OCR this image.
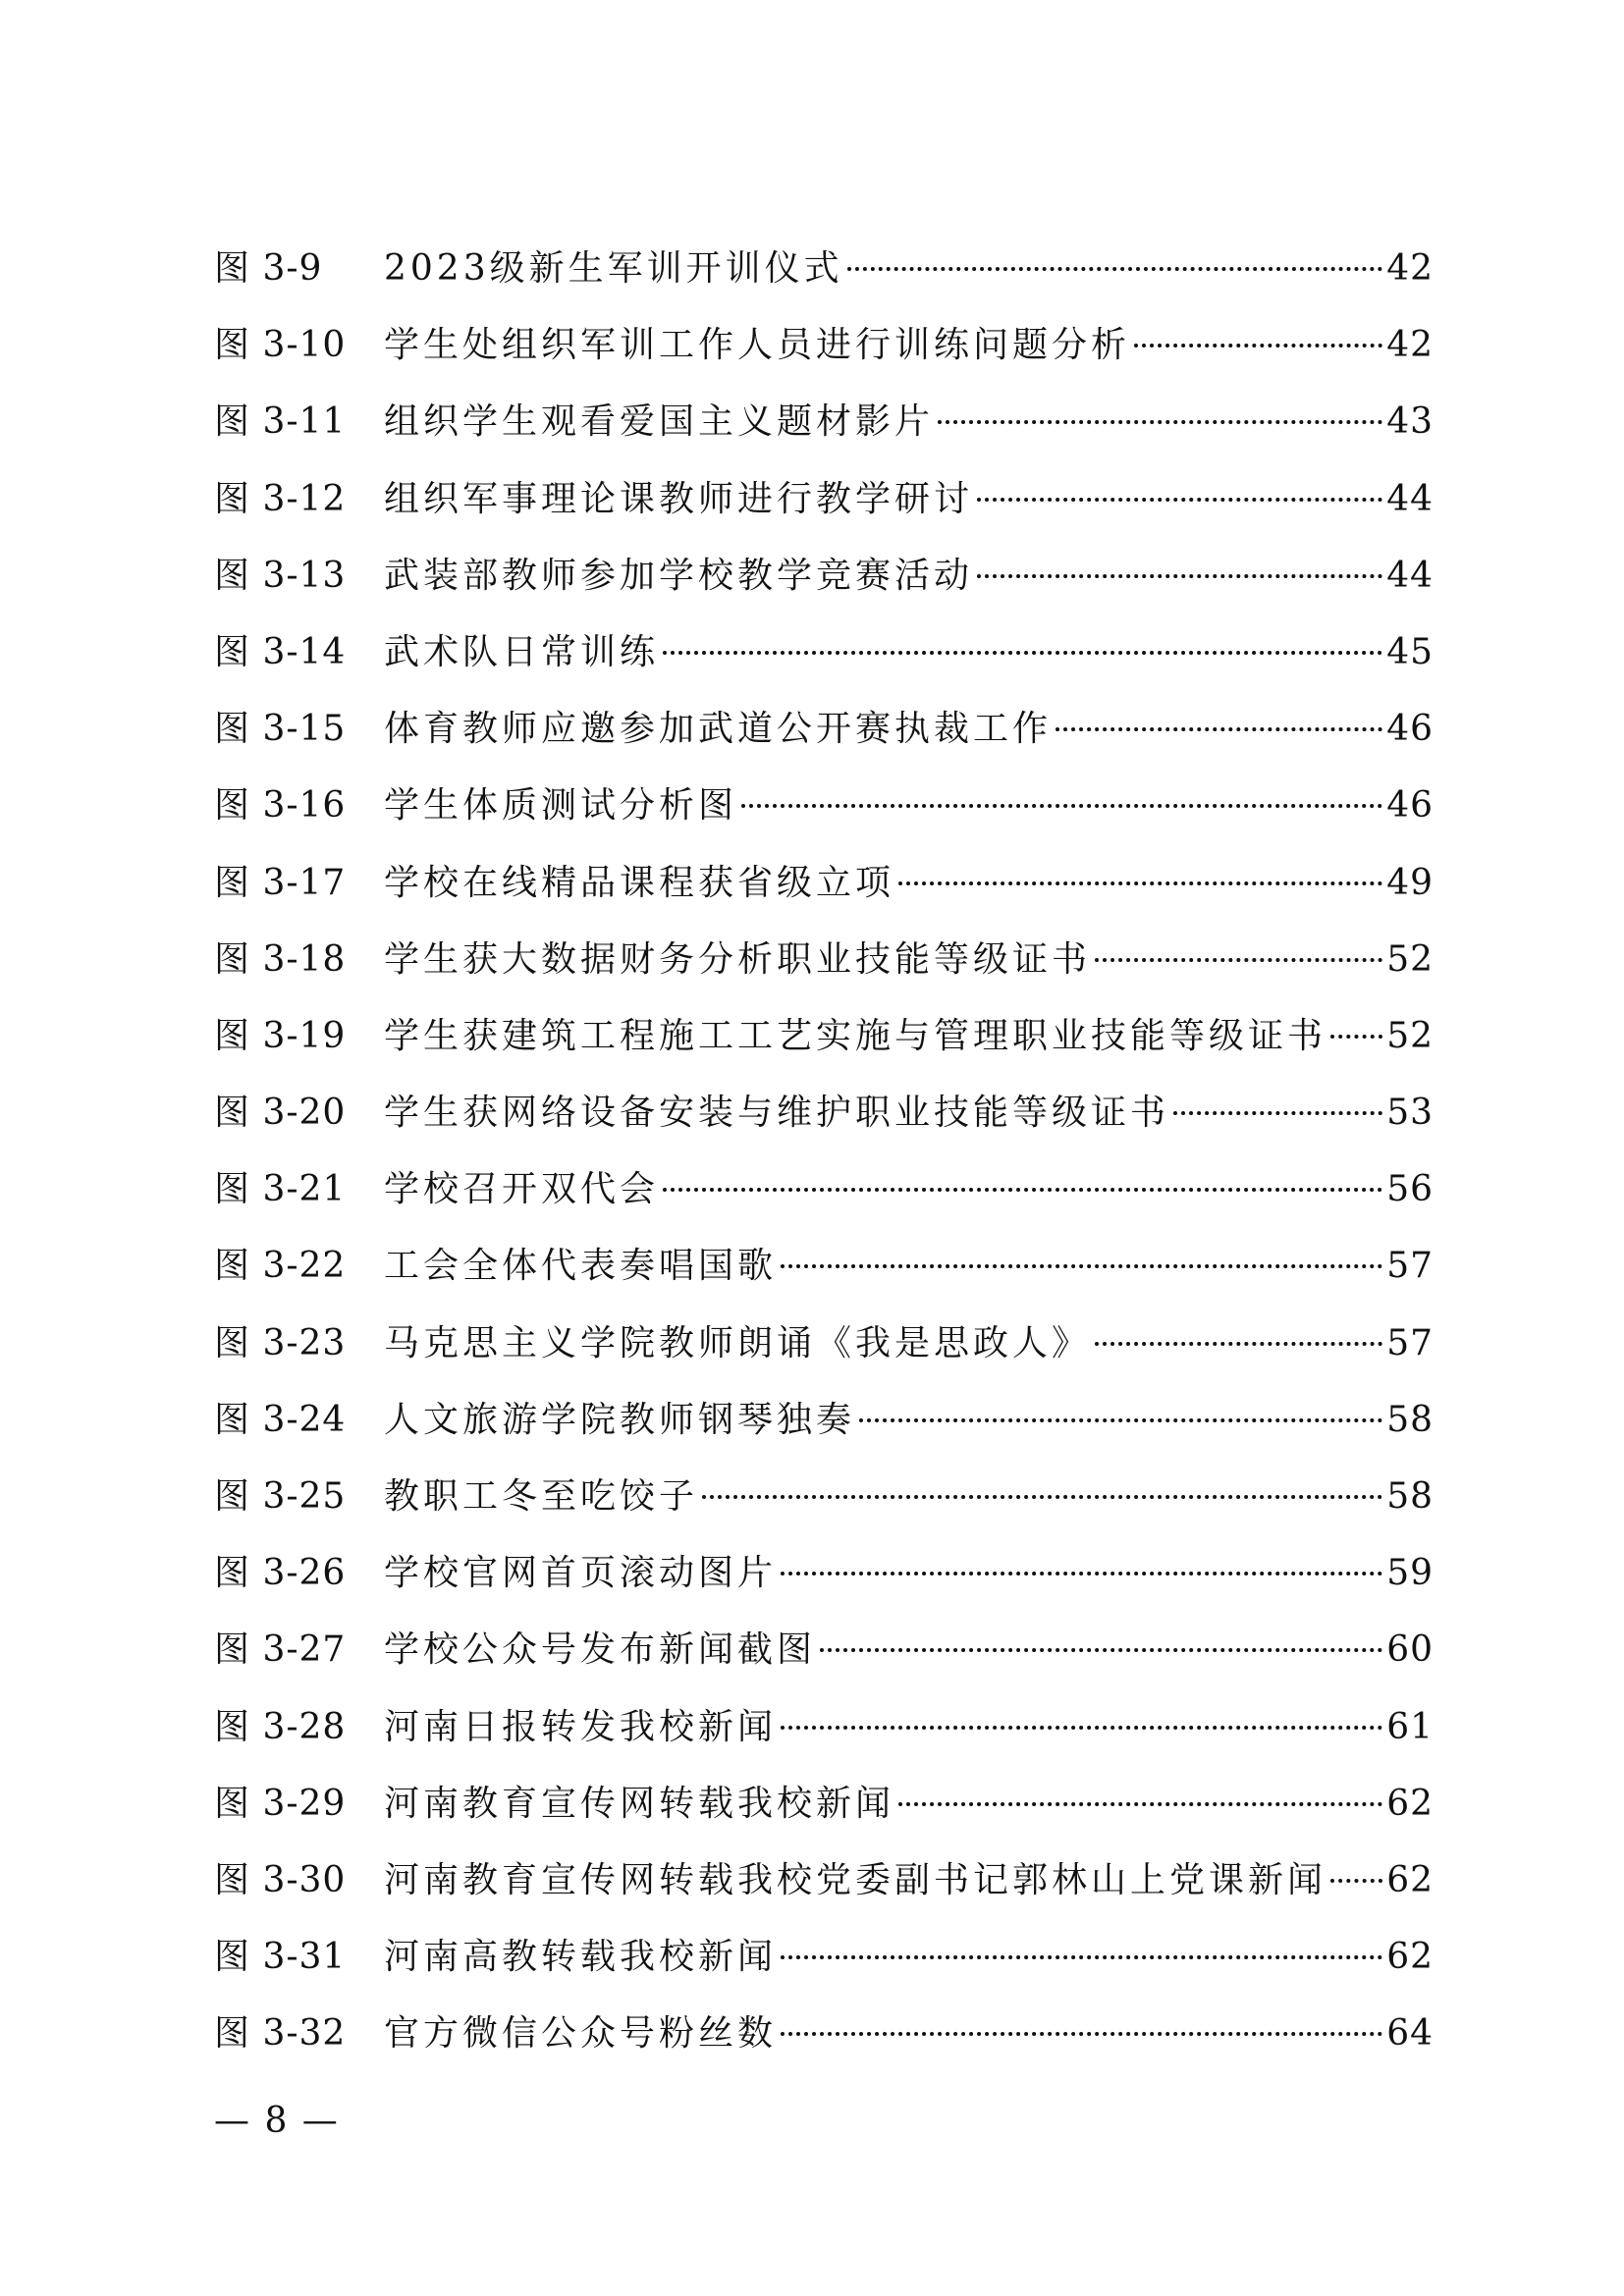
图 3-9	2023级新生军训开训仪式	42
图 3-10	学生处组织军训工作人员进行训练问题分析	42
图 3-11	组织学生观看爱国主义题材影片	43
图 3-12	组织军事理论课教师进行教学研讨	44
图 3-13	武装部教师参加学校教学竞赛活动	44
图 3-14	武术队日常训练	45
图 3-15	体育教师应邀参加武道公开赛执裁工作	46
图 3-16	学生体质测试分析图	46
图 3-17	学校在线精品课程获省级立项	49
图 3-18	学生获大数据财务分析职业技能等级证书	52
图 3-19	学生获建筑工程施工工艺实施与管理职业技能等级证书 52
图 3-20	学生获网络设备安装与维护职业技能等级证书	53
图 3-21	学校召开双代会	56
图 3-22	工会全体代表奏唱国歌	57
图 3-23	马克思主义学院教师朗诵《我是思政人》	57
图 3-24	人文旅游学院教师钢琴独奏	58
图 3-25	教职工冬至吃饺子	58
图 3-26	学校官网首页滚动图片	59
图 3-27	学校公众号发布新闻截图	60
图 3-28	河南日报转发我校新闻	61
图 3-29	河南教育宣传网转载我校新闻	62
图 3-30	河南教育宣传网转载我校党委副书记郭林山上党课新闻 62
图 3-31	河南高教转载我校新闻	62
图 3-32	官方微信公众号粉丝数	64
— 8 —
